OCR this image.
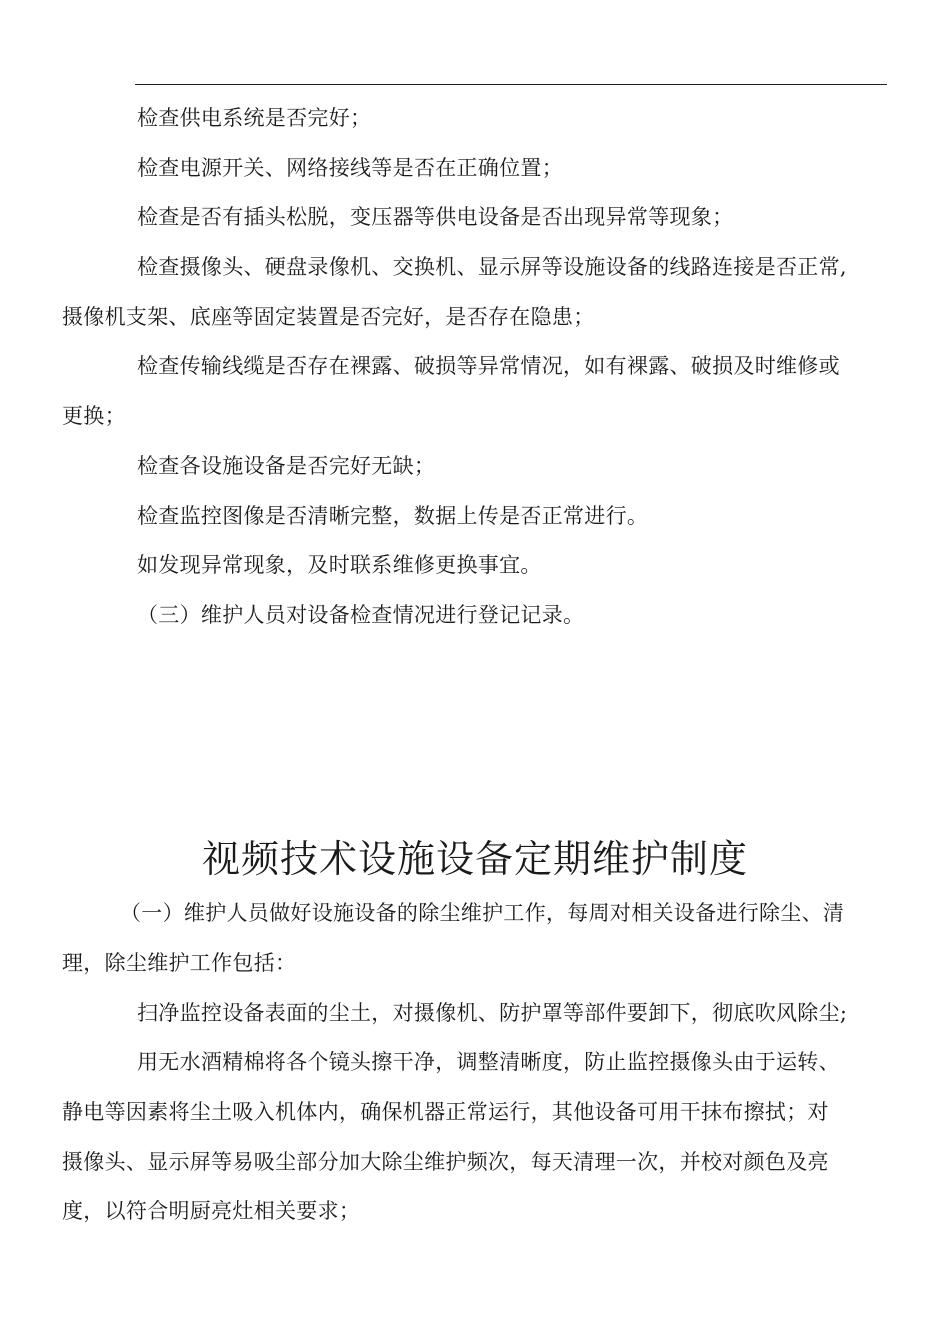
检查供电系统是否完好；
检查电源开关、网络接线等是否在正确位置；
检查是否有插头松脱，变压器等供电设备是否出现异常等现象；
检查摄像头、硬盘录像机、交换机、显示屏等设施设备的线路连接是否正常,
摄像机支架、底座等固定装置是否完好，是否存在隐患；
检查传输线缆是否存在裸露、破损等异常情况，如有裸露、破损及时维修或
更换；
检查各设施设备是否完好无缺；
检查监控图像是否清晰完整，数据上传是否正常进行。
如发现异常现象，及时联系维修更换事宜。
（三）维护人员对设备检查情况进行登记记录。
视频技术设施设备定期维护制度
（一）维护人员做好设施设备的除尘维护工作，每周对相关设备进行除尘、清
理，除尘维护工作包括：
扫净监控设备表面的尘土，对摄像机、防护罩等部件要卸下，彻底吹风除尘;
用无水酒精棉将各个镜头擦干净，调整清晰度，防止监控摄像头由于运转、
静电等因素将尘土吸入机体内，确保机器正常运行，其他设备可用干抹布擦拭；对
摄像头、显示屏等易吸尘部分加大除尘维护频次，每天清理一次，并校对颜色及亮
度，以符合明厨亮灶相关要求；
